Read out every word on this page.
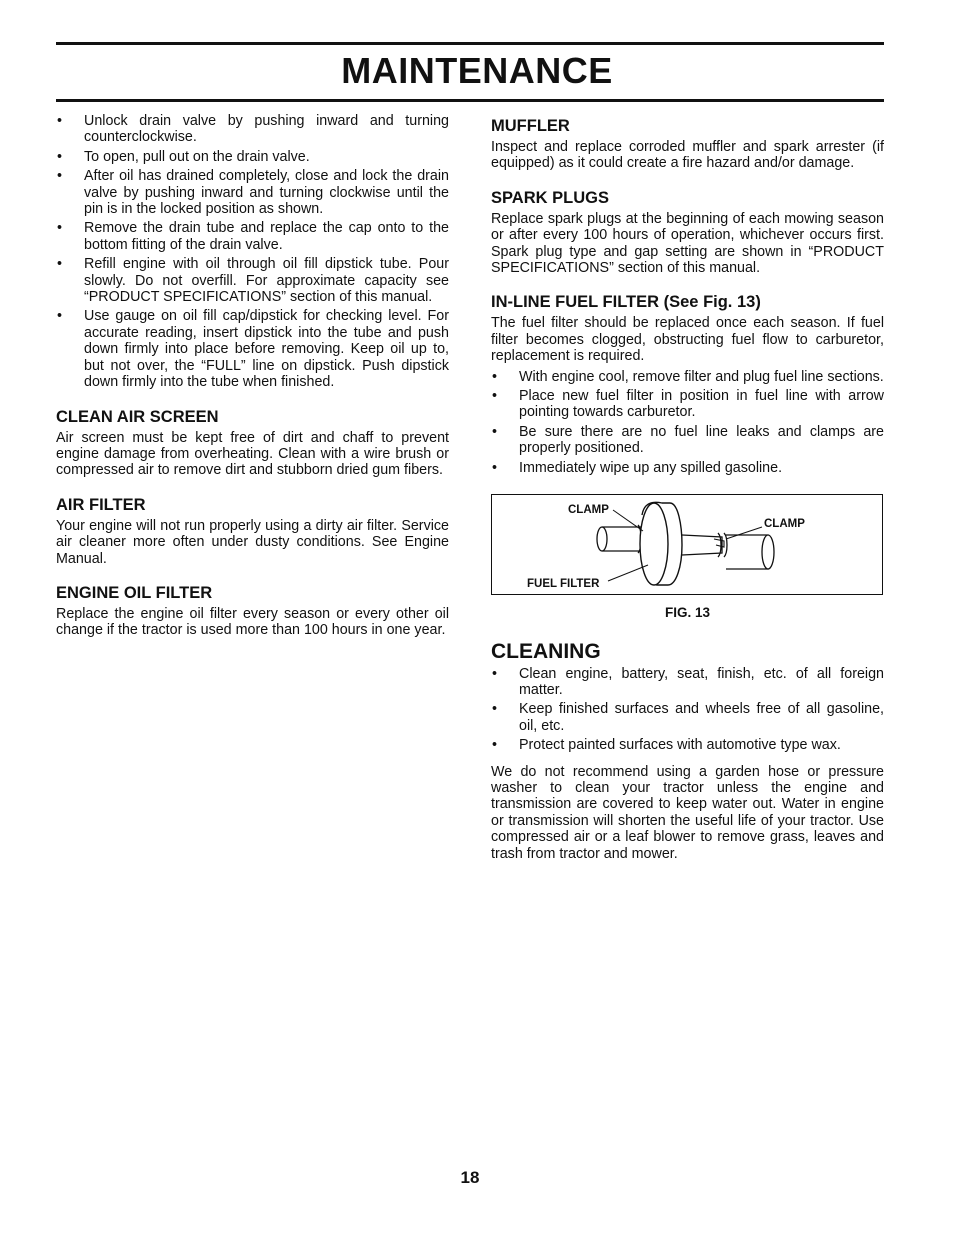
MAINTENANCE
• Unlock drain valve by pushing inward and turning counterclockwise.
• To open, pull out on the drain valve.
• After oil has drained completely, close and lock the drain valve by pushing inward and turning clockwise until the pin is in the locked position as shown.
• Remove the drain tube and replace the cap onto to the bottom fitting of the drain valve.
• Refill engine with oil through oil fill dipstick tube. Pour slowly. Do not overfill. For approximate capacity see “PRODUCT SPECIFICATIONS” section of this manual.
• Use gauge on oil fill cap/dipstick for checking level. For accurate reading, insert dipstick into the tube and push down firmly into place before removing. Keep oil up to, but not over, the “FULL” line on dipstick. Push dipstick down firmly into the tube when finished.
CLEAN AIR SCREEN

Air screen must be kept free of dirt and chaff to prevent engine damage from overheating. Clean with a wire brush or compressed air to remove dirt and stubborn dried gum fibers.

AIR FILTER

Your engine will not run properly using a dirty air filter. Service air cleaner more often under dusty conditions. See Engine Manual.

ENGINE OIL FILTER

Replace the engine oil filter every season or every other oil change if the tractor is used more than 100 hours in one year.

MUFFLER

Inspect and replace corroded muffler and spark arrester (if equipped) as it could create a fire hazard and/or damage.

SPARK PLUGS

Replace spark plugs at the beginning of each mowing season or after every 100 hours of operation, whichever occurs first. Spark plug type and gap setting are shown in “PRODUCT SPECIFICATIONS” section of this manual.

IN-LINE FUEL FILTER (See Fig. 13)

The fuel filter should be replaced once each season. If fuel filter becomes clogged, obstructing fuel flow to carburetor, replacement is required.

• With engine cool, remove filter and plug fuel line sections.
• Place new fuel filter in position in fuel line with arrow pointing towards carburetor.
• Be sure there are no fuel line leaks and clamps are properly positioned.
• Immediately wipe up any spilled gasoline.
CLAMP
CLAMP
FUEL FILTER
FIG. 13
CLEANING
• Clean engine, battery, seat, finish, etc. of all foreign matter.
• Keep finished surfaces and wheels free of all gasoline, oil, etc.
• Protect painted surfaces with automotive type wax.

We do not recommend using a garden hose or pressure washer to clean your tractor unless the engine and transmission are covered to keep water out. Water in engine or transmission will shorten the useful life of your tractor. Use compressed air or a leaf blower to remove grass, leaves and trash from tractor and mower.

18
